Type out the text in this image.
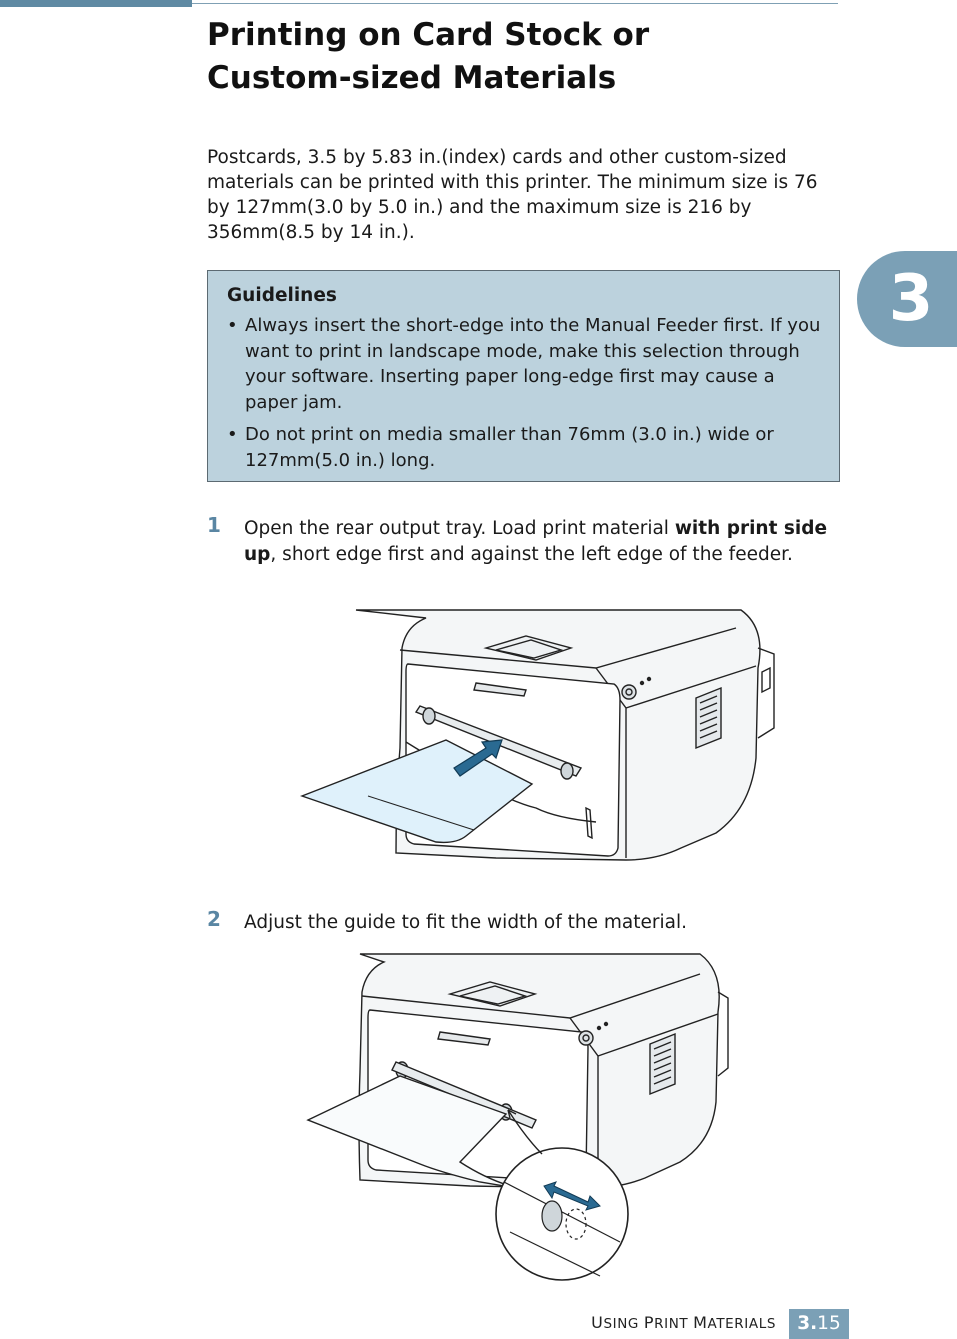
3
Printing on Card Stock or
Custom-sized Materials

Postcards, 3.5 by 5.83 in.(index) cards and other custom-sized materials can be printed with this printer. The minimum size is 76 by 127mm(3.0 by 5.0 in.) and the maximum size is 216 by 356mm(8.5 by 14 in.).

Guidelines
• Always insert the short-edge into the Manual Feeder first. If you want to print in landscape mode, make this selection through your software. Inserting paper long-edge first may cause a paper jam.
• Do not print on media smaller than 76mm (3.0 in.) wide or 127mm(5.0 in.) long.
1 Open the rear output tray. Load print material with print side up, short edge first and against the left edge of the feeder.

2 Adjust the guide to fit the width of the material.

USING PRINT MATERIALS	3.15
